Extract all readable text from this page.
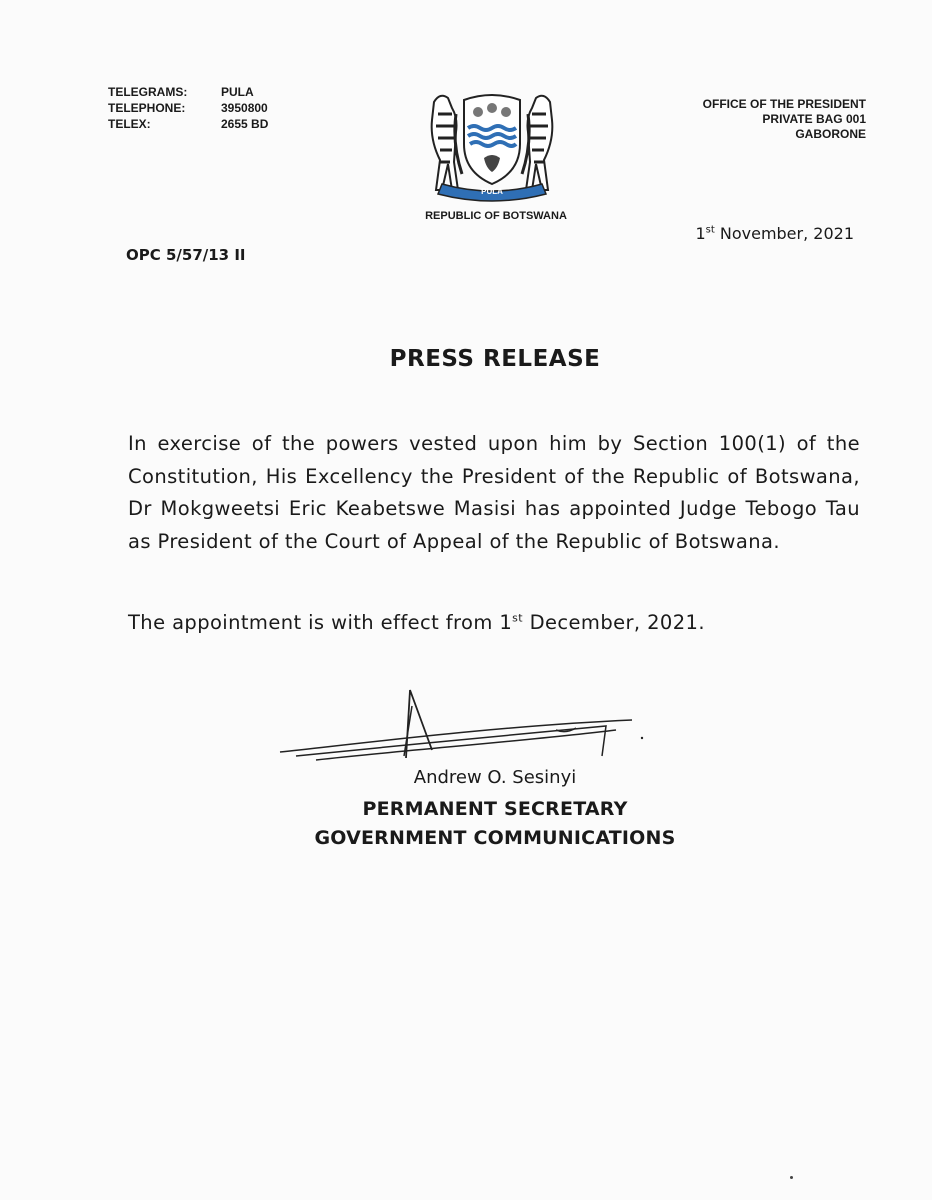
TELEGRAMS:	PULA
TELEPHONE:	3950800
TELEX:	2655 BD
PULA
REPUBLIC OF BOTSWANA
OFFICE OF THE PRESIDENT
PRIVATE BAG 001
GABORONE
1st November, 2021
OPC 5/57/13 II
PRESS RELEASE
In exercise of the powers vested upon him by Section 100(1) of the Constitution, His Excellency the President of the Republic of Botswana, Dr Mokgweetsi Eric Keabetswe Masisi has appointed Judge Tebogo Tau as President of the Court of Appeal of the Republic of Botswana.
The appointment is with effect from 1st December, 2021.
Andrew O. Sesinyi
PERMANENT SECRETARY
GOVERNMENT COMMUNICATIONS
